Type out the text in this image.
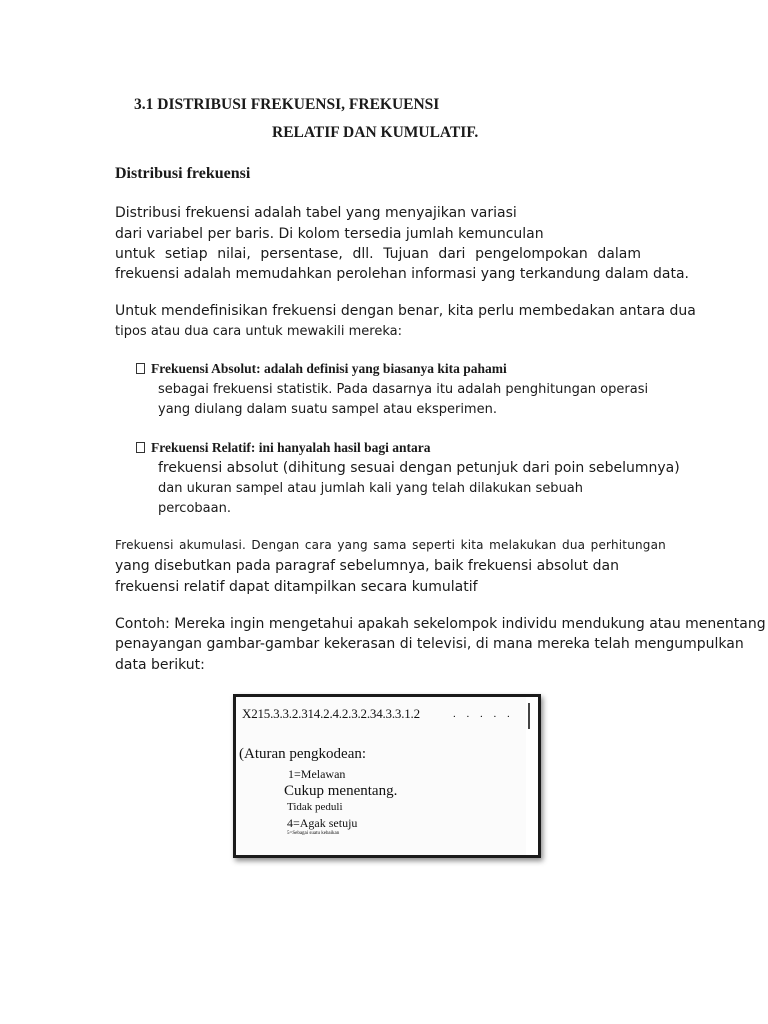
3.1 DISTRIBUSI FREKUENSI, FREKUENSI
RELATIF DAN KUMULATIF.
Distribusi frekuensi
Distribusi frekuensi adalah tabel yang menyajikan variasi
dari variabel per baris. Di kolom tersedia jumlah kemunculan
untuk setiap nilai, persentase, dll. Tujuan dari pengelompokan dalam
frekuensi adalah memudahkan perolehan informasi yang terkandung dalam data.
Untuk mendefinisikan frekuensi dengan benar, kita perlu membedakan antara dua
tipos atau dua cara untuk mewakili mereka:
Frekuensi Absolut: adalah definisi yang biasanya kita pahami
sebagai frekuensi statistik. Pada dasarnya itu adalah penghitungan operasi
yang diulang dalam suatu sampel atau eksperimen.
Frekuensi Relatif: ini hanyalah hasil bagi antara
frekuensi absolut (dihitung sesuai dengan petunjuk dari poin sebelumnya)
dan ukuran sampel atau jumlah kali yang telah dilakukan sebuah
percobaan.
Frekuensi akumulasi. Dengan cara yang sama seperti kita melakukan dua perhitungan
yang disebutkan pada paragraf sebelumnya, baik frekuensi absolut dan
frekuensi relatif dapat ditampilkan secara kumulatif
Contoh: Mereka ingin mengetahui apakah sekelompok individu mendukung atau menentang
penayangan gambar-gambar kekerasan di televisi, di mana mereka telah mengumpulkan
data berikut:
X215.3.3.2.314.2.4.2.3.2.34.3.3.1.2	. . . . .
(Aturan pengkodean:
1=Melawan
Cukup menentang.
Tidak peduli
4=Agak setuju
5=Sebagai suatu kebaikan
